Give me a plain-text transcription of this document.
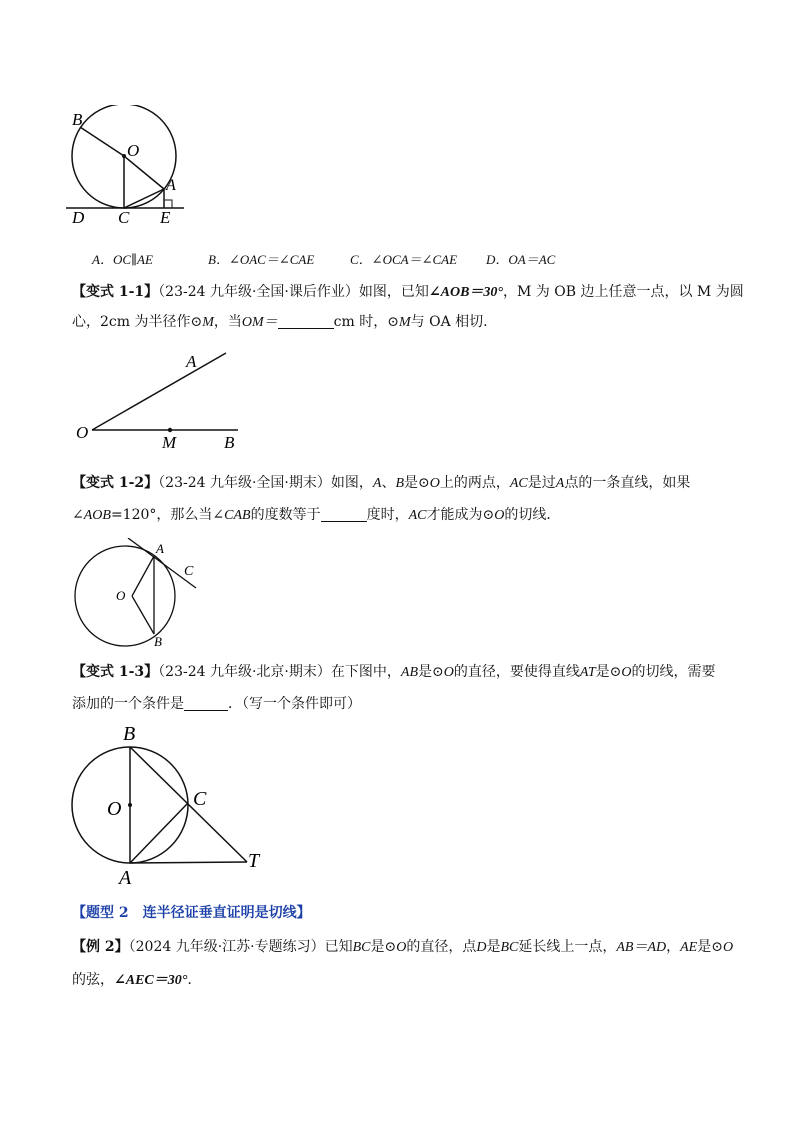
B
O
A
D C E
A．OC∥AE	B．∠OAC＝∠CAE	C．∠OCA＝∠CAE D．OA＝AC
【变式 1-1】（23-24 九年级·全国·课后作业）如图，已知∠AOB＝30°，M 为 OB 边上任意一点，以 M 为圆
心，2cm 为半径作⊙M，当OM＝	cm 时，⊙M与 OA 相切.
A
O
M	B
【变式 1-2】（23-24 九年级·全国·期末）如图，A、B是⊙O上的两点，AC是过A点的一条直线，如果
∠AOB=120°，那么当∠CAB的度数等于	度时，AC才能成为⊙O的切线．
A
C
O
B
【变式 1-3】（23-24 九年级·北京·期末）在下图中，AB是⊙O的直径，要使得直线AT是⊙O的切线，需要
添加的一个条件是	．（写一个条件即可）
B
O	C
A
T
【题型 2　连半径证垂直证明是切线】
【例 2】（2024 九年级·江苏·专题练习）已知BC是⊙O的直径，点D是BC延长线上一点，AB＝AD，AE是⊙O
的弦，∠AEC＝30°.
